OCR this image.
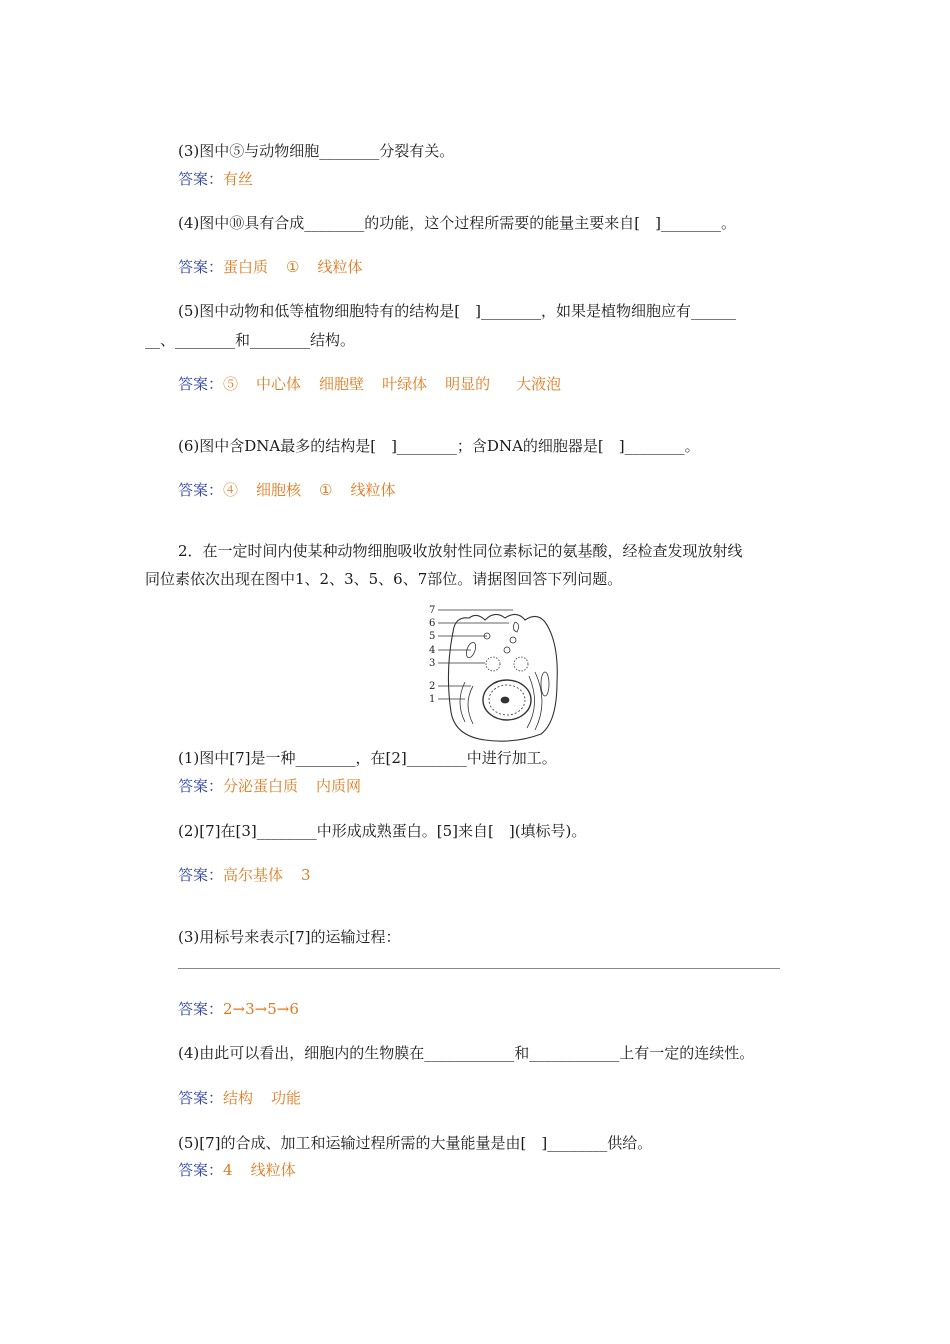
(3)图中⑤与动物细胞________分裂有关。
答案：有丝
(4)图中⑩具有合成________的功能，这个过程所需要的能量主要来自[　]________。
答案：蛋白质 ① 线粒体
(5)图中动物和低等植物细胞特有的结构是[　]________，如果是植物细胞应有______
__、________和________结构。
答案：⑤ 中心体 细胞壁 叶绿体 明显的 大液泡
(6)图中含DNA最多的结构是[　]________；含DNA的细胞器是[　]________。
答案：④ 细胞核 ① 线粒体
2．在一定时间内使某种动物细胞吸收放射性同位素标记的氨基酸，经检查发现放射线
同位素依次出现在图中1、2、3、5、6、7部位。请据图回答下列问题。
7
6
5
4
3
2
1
(1)图中[7]是一种________，在[2]________中进行加工。
答案：分泌蛋白质 内质网
(2)[7]在[3]________中形成成熟蛋白。[5]来自[　](填标号)。
答案：高尔基体 3
(3)用标号来表示[7]的运输过程：
答案：2→3→5→6
(4)由此可以看出，细胞内的生物膜在____________和____________上有一定的连续性。
答案：结构 功能
(5)[7]的合成、加工和运输过程所需的大量能量是由[　]________供给。
答案：4 线粒体
